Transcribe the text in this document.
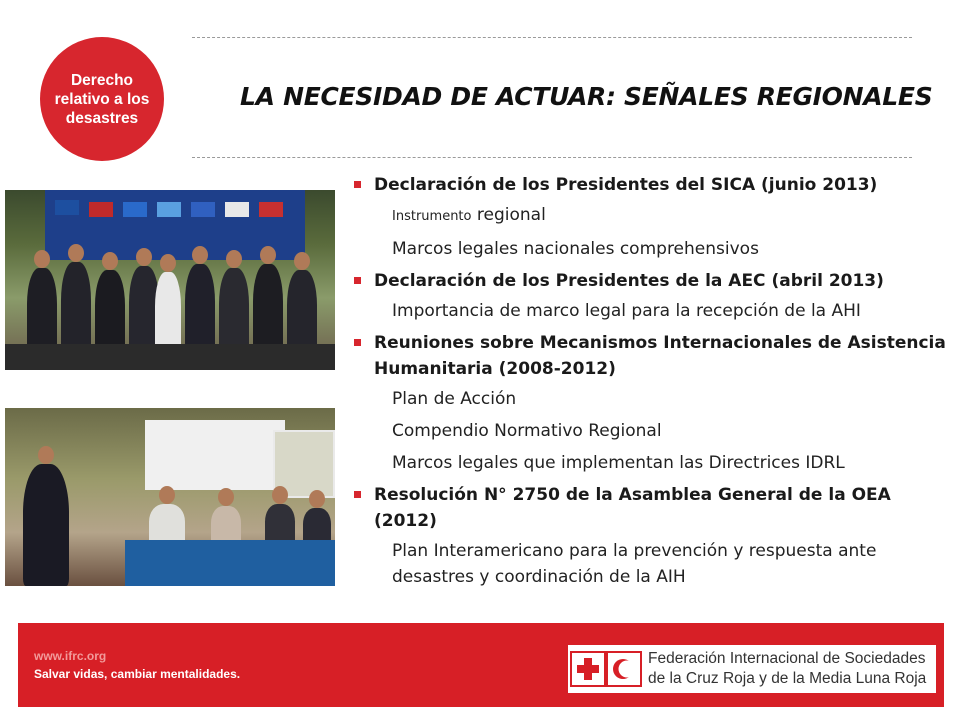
Derecho relativo a los desastres
LA NECESIDAD DE ACTUAR: SEÑALES REGIONALES
Declaración de los Presidentes del SICA (junio 2013)
Instrumento regional
Marcos legales nacionales comprehensivos
Declaración de los Presidentes de la AEC (abril 2013)
Importancia de marco legal para la recepción de la AHI
Reuniones sobre Mecanismos Internacionales de Asistencia Humanitaria (2008-2012)
Plan de Acción
Compendio Normativo Regional
Marcos legales que implementan las Directrices IDRL
Resolución N° 2750 de la Asamblea General de la OEA (2012)
Plan Interamericano para la prevención y respuesta ante desastres y coordinación de la AIH
www.ifrc.org
Salvar vidas, cambiar mentalidades.
Federación Internacional de Sociedades
de la Cruz Roja y de la Media Luna Roja
